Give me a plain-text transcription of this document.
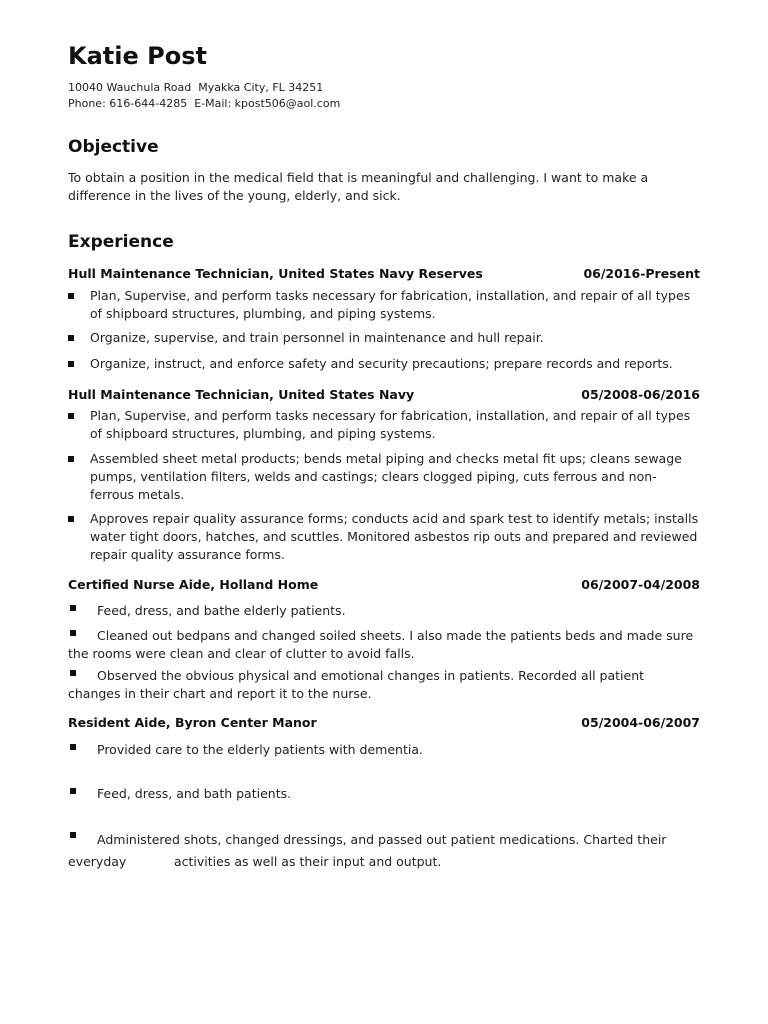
Katie Post
10040 Wauchula Road  Myakka City, FL 34251
Phone: 616-644-4285  E-Mail: kpost506@aol.com
Objective
To obtain a position in the medical field that is meaningful and challenging. I want to make a difference in the lives of the young, elderly, and sick.
Experience
Hull Maintenance Technician, United States Navy Reserves	06/2016-Present
Plan, Supervise, and perform tasks necessary for fabrication, installation, and repair of all types of shipboard structures, plumbing, and piping systems.
Organize, supervise, and train personnel in maintenance and hull repair.
Organize, instruct, and enforce safety and security precautions; prepare records and reports.
Hull Maintenance Technician, United States Navy	05/2008-06/2016
Plan, Supervise, and perform tasks necessary for fabrication, installation, and repair of all types of shipboard structures, plumbing, and piping systems.
Assembled sheet metal products; bends metal piping and checks metal fit ups; cleans sewage pumps, ventilation filters, welds and castings; clears clogged piping, cuts ferrous and non-ferrous metals.
Approves repair quality assurance forms; conducts acid and spark test to identify metals; installs water tight doors, hatches, and scuttles. Monitored asbestos rip outs and prepared and reviewed repair quality assurance forms.
Certified Nurse Aide, Holland Home	06/2007-04/2008
Feed, dress, and bathe elderly patients.
Cleaned out bedpans and changed soiled sheets. I also made the patients beds and made sure the rooms were clean and clear of clutter to avoid falls.
Observed the obvious physical and emotional changes in patients. Recorded all patient changes in their chart and report it to the nurse.
Resident Aide, Byron Center Manor	05/2004-06/2007
Provided care to the elderly patients with dementia.
Feed, dress, and bath patients.
Administered shots, changed dressings, and passed out patient medications. Charted their everyday            activities as well as their input and output.
